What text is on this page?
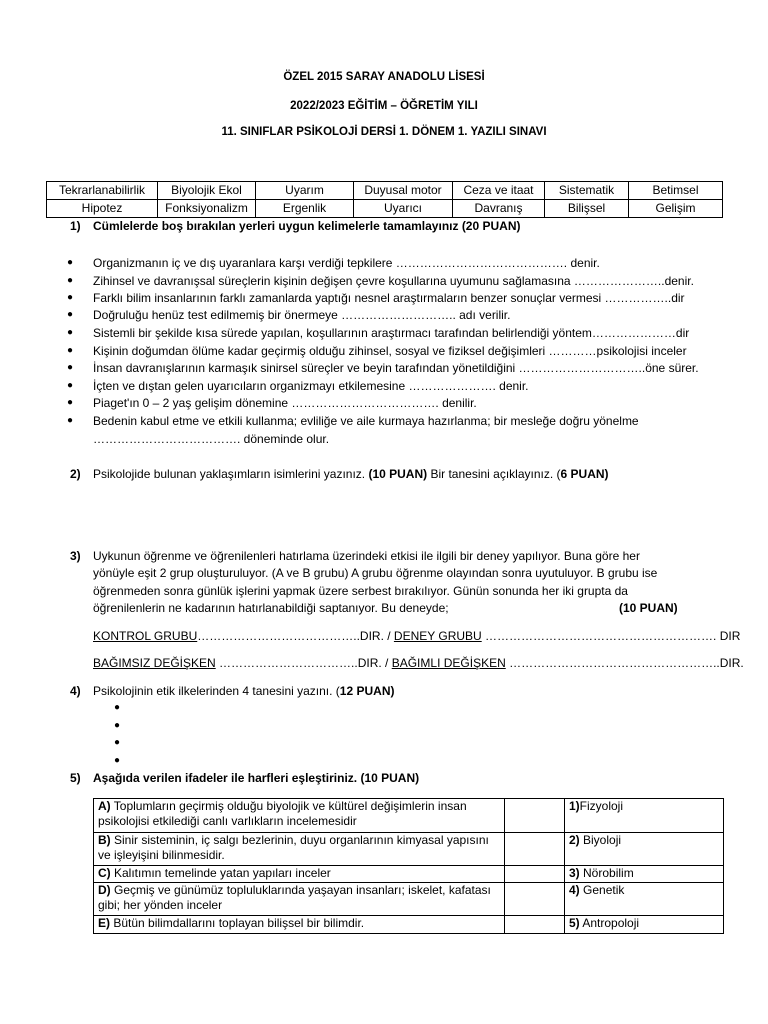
ÖZEL 2015 SARAY ANADOLU LİSESİ
2022/2023 EĞİTİM – ÖĞRETİM YILI
11. SINIFLAR PSİKOLOJİ DERSİ 1. DÖNEM 1. YAZILI SINAVI
Tekrarlanabilirlik	Biyolojik Ekol	Uyarım	Duyusal motor	Ceza ve itaat	Sistematik	Betimsel
Hipotez	Fonksiyonalizm	Ergenlik	Uyarıcı	Davranış	Bilişsel	Gelişim
1) Cümlelerde boş bırakılan yerleri uygun kelimelerle tamamlayınız (20 PUAN)
● Organizmanın iç ve dış uyaranlara karşı verdiği tepkilere ……………………………………. denir.
● Zihinsel ve davranışsal süreçlerin kişinin değişen çevre koşullarına uyumunu sağlamasına …………………..denir.
● Farklı bilim insanlarının farklı zamanlarda yaptığı nesnel araştırmaların benzer sonuçlar vermesi ……………..dir
● Doğruluğu henüz test edilmemiş bir önermeye ……………………….. adı verilir.
● Sistemli bir şekilde kısa sürede yapılan, koşullarının araştırmacı tarafından belirlendiği yöntem…………………dir
● Kişinin doğumdan ölüme kadar geçirmiş olduğu zihinsel, sosyal ve fiziksel değişimleri …………psikolojisi inceler
● İnsan davranışlarının karmaşık sinirsel süreçler ve beyin tarafından yönetildiğini …………………………..öne sürer.
● İçten ve dıştan gelen uyarıcıların organizmayı etkilemesine …………………. denir.
● Piaget'ın 0 – 2 yaş gelişim dönemine ………………………………. denilir.
● Bedenin kabul etme ve etkili kullanma; evliliğe ve aile kurmaya hazırlanma; bir mesleğe doğru yönelme ………………………………. döneminde olur.
2) Psikolojide bulunan yaklaşımların isimlerini yazınız. (10 PUAN) Bir tanesini açıklayınız. (6 PUAN)
3) Uykunun öğrenme ve öğrenilenleri hatırlama üzerindeki etkisi ile ilgili bir deney yapılıyor. Buna göre her
yönüyle eşit 2 grup oluşturuluyor. (A ve B grubu) A grubu öğrenme olayından sonra uyutuluyor. B grubu ise
öğrenmeden sonra günlük işlerini yapmak üzere serbest bırakılıyor. Günün sonunda her iki grupta da
öğrenilenlerin ne kadarının hatırlanabildiği saptanıyor. Bu deneyde;	(10 PUAN)
KONTROL GRUBU…………………………………..DIR. / DENEY GRUBU …………………………………………………. DIR
BAĞIMSIZ DEĞİŞKEN ……………………………..DIR. / BAĞIMLI DEĞİŞKEN ……………………………………………..DIR.
4) Psikolojinin etik ilkelerinden 4 tanesini yazını. (12 PUAN)
●
●
●
●
5) Aşağıda verilen ifadeler ile harfleri eşleştiriniz. (10 PUAN)
A) Toplumların geçirmiş olduğu biyolojik ve kültürel değişimlerin insan psikolojisi etkilediği canlı varlıkların incelemesidir		1)Fizyoloji
B) Sinir sisteminin, iç salgı bezlerinin, duyu organlarının kimyasal yapısını ve işleyişini bilinmesidir.		2) Biyoloji
C) Kalıtımın temelinde yatan yapıları inceler		3) Nörobilim
D) Geçmiş ve günümüz topluluklarında yaşayan insanları; iskelet, kafatası gibi; her yönden inceler		4) Genetik
E) Bütün bilimdallarını toplayan bilişsel bir bilimdir.		5) Antropoloji
